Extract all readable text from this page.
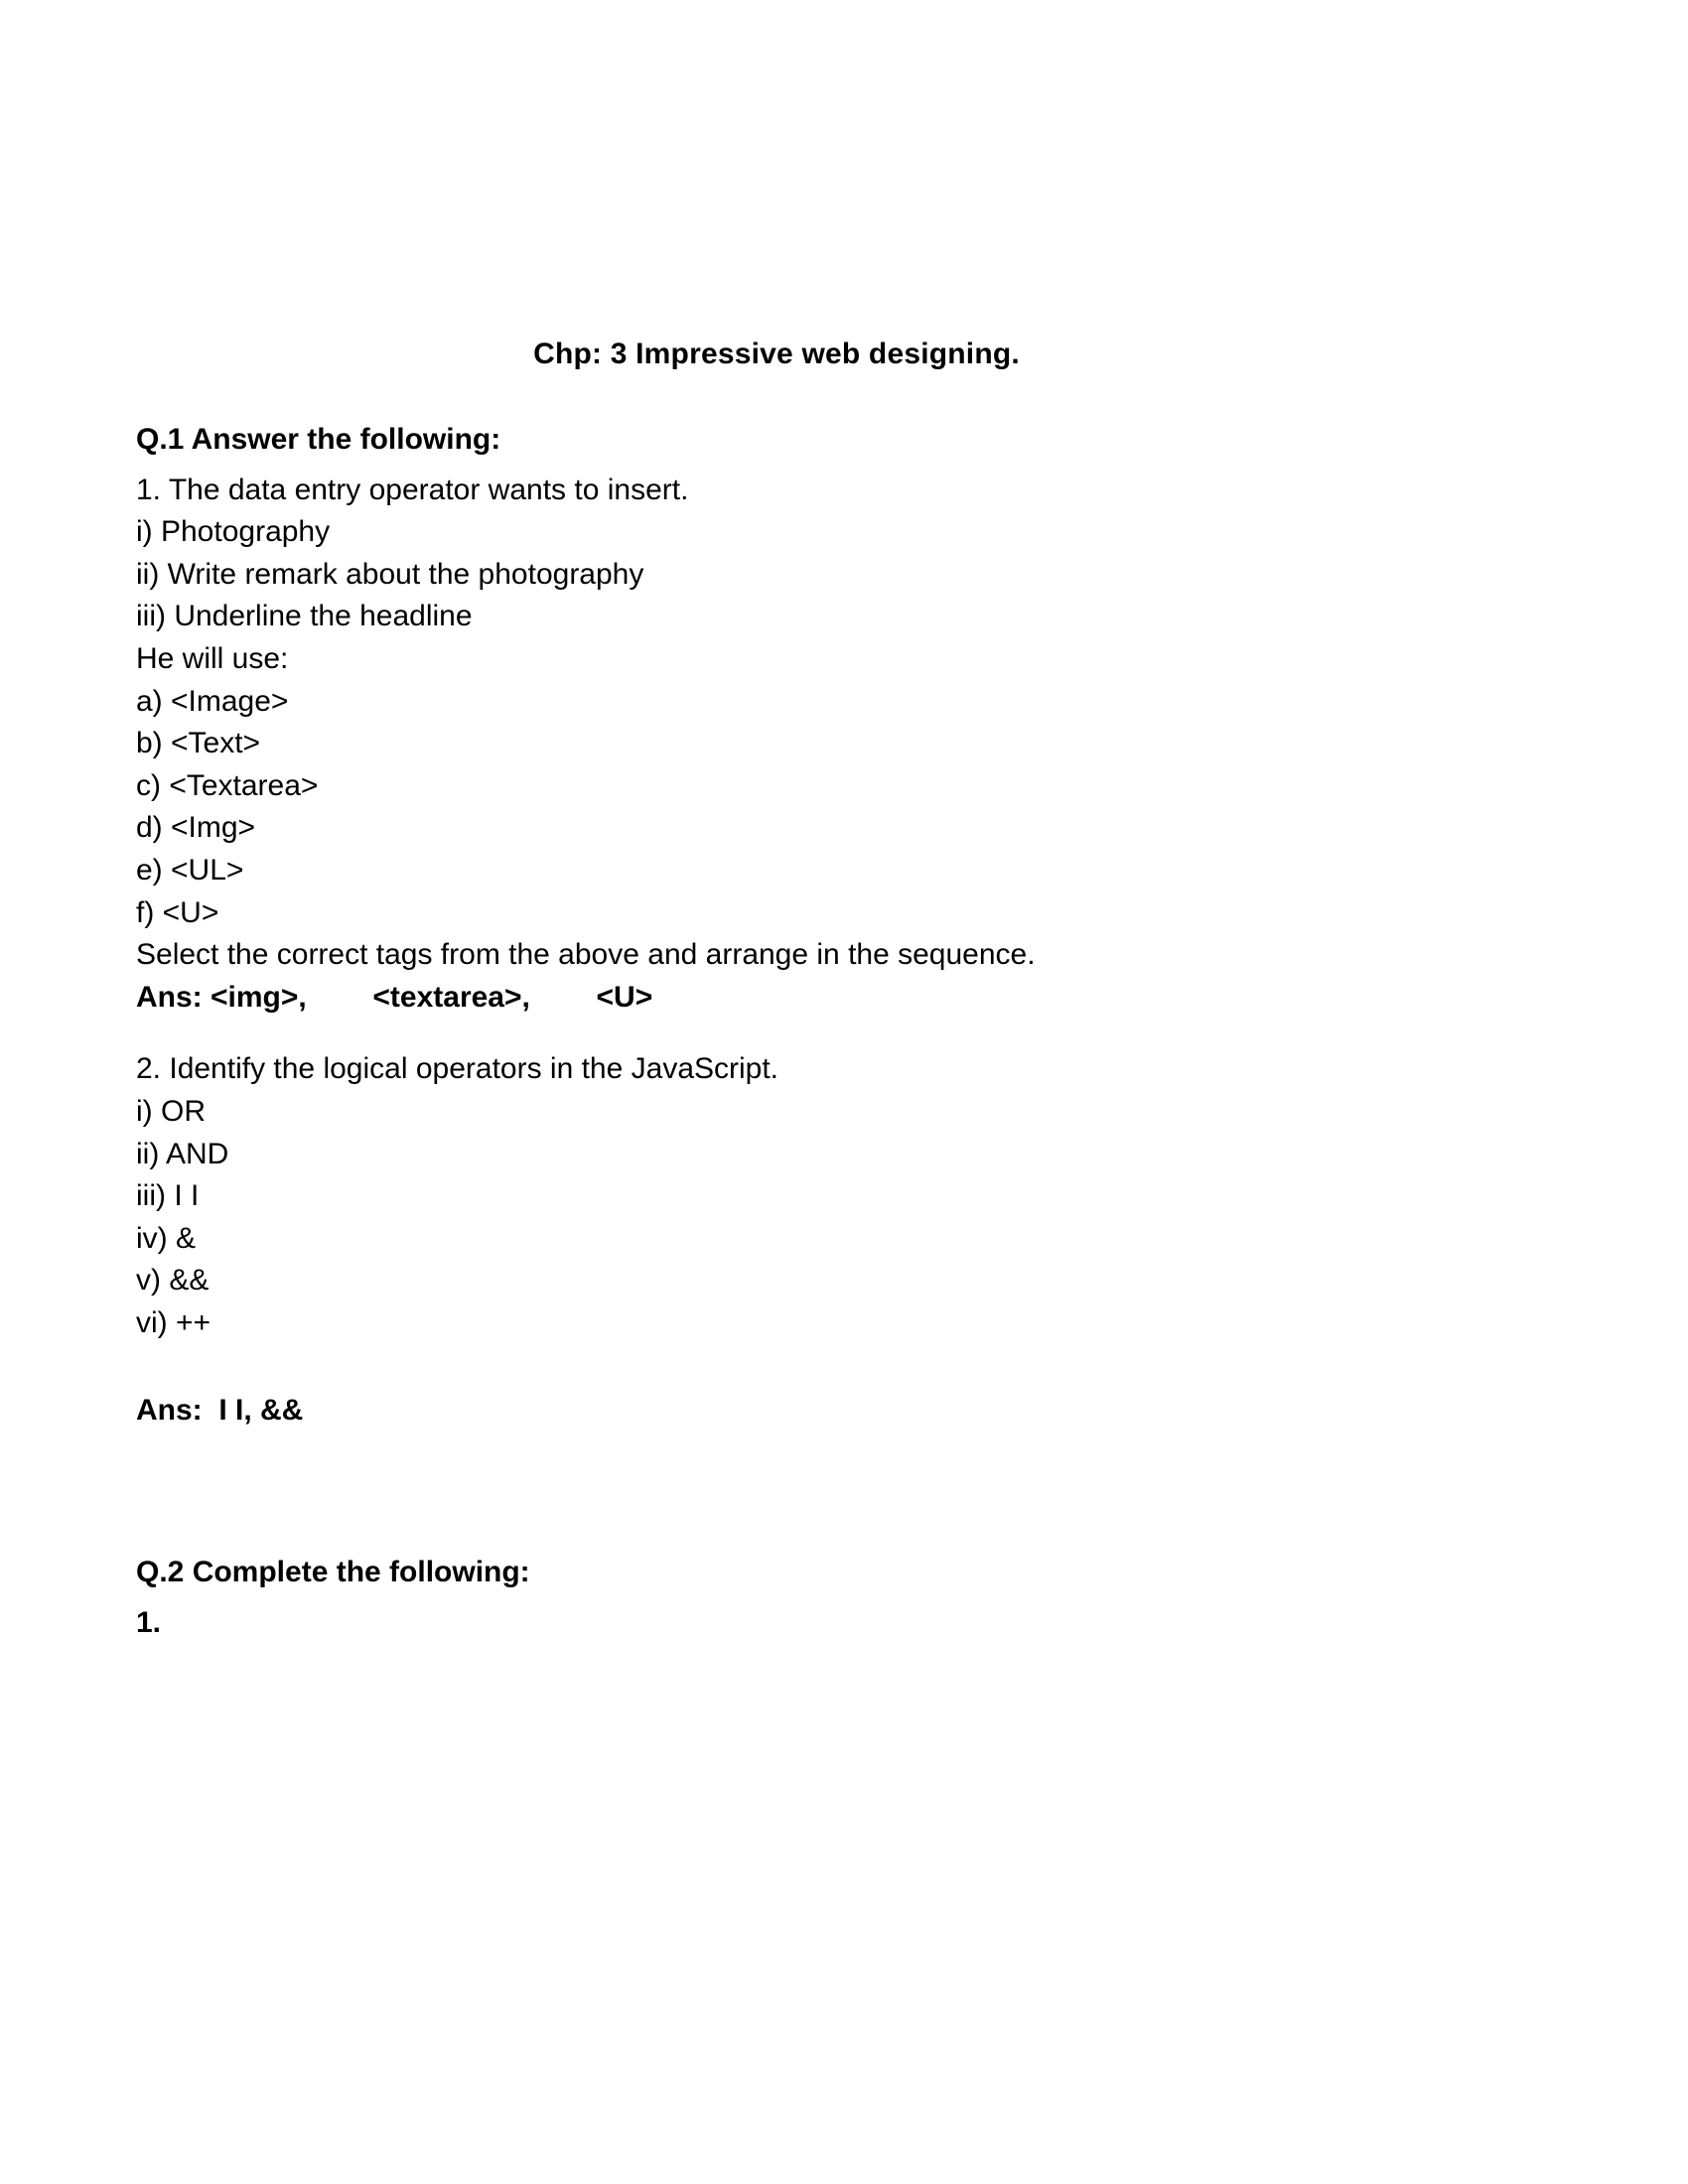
Chp: 3 Impressive web designing.
Q.1 Answer the following:
1. The data entry operator wants to insert.
i) Photography
ii) Write remark about the photography
iii) Underline the headline
He will use:
a) <Image>
b) <Text>
c) <Textarea>
d) <Img>
e) <UL>
f) <U>
Select the correct tags from the above and arrange in the sequence.
Ans: <img>,        <textarea>,        <U>
2. Identify the logical operators in the JavaScript.
i) OR
ii) AND
iii) I I
iv) &
v) &&
vi) ++
Ans:  I I, &&
Q.2 Complete the following:
1.
